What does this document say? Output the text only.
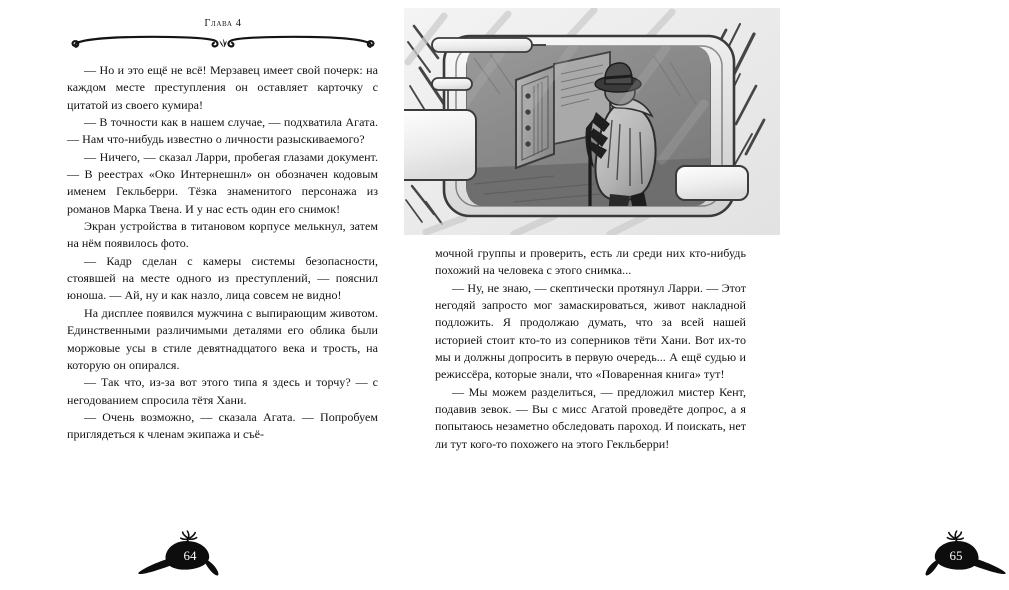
Глава 4

— Но и это ещё не всё! Мерзавец имеет свой почерк: на каждом месте преступления он оставляет карточку с цитатой из своего кумира!

— В точности как в нашем случае, — подхватила Агата. — Нам что-нибудь известно о личности разыскиваемого?

— Ничего, — сказал Ларри, пробегая глазами документ. — В реестрах «Око Интернешнл» он обозначен кодовым именем Гекльберри. Тёзка знаменитого персонажа из романов Марка Твена. И у нас есть один его снимок!

Экран устройства в титановом корпусе мелькнул, затем на нём появилось фото.

— Кадр сделан с камеры системы безопасности, стоявшей на месте одного из преступлений, — пояснил юноша. — Ай, ну и как назло, лица совсем не видно!

На дисплее появился мужчина с выпирающим животом. Единственными различимыми деталями его облика были моржовые усы в стиле девятнадцатого века и трость, на которую он опирался.

— Так что, из-за вот этого типа я здесь и торчу? — с негодованием спросила тётя Хани.

— Очень возможно, — сказала Агата. — Попробуем приглядеться к членам экипажа и съё-

64

мочной группы и проверить, есть ли среди них кто-нибудь похожий на человека с этого снимка...

— Ну, не знаю, — скептически протянул Ларри. — Этот негодяй запросто мог замаскироваться, живот накладной подложить. Я продолжаю думать, что за всей нашей историей стоит кто-то из соперников тёти Хани. Вот их-то мы и должны допросить в первую очередь... А ещё судью и режиссёра, которые знали, что «Поваренная книга» тут!

— Мы можем разделиться, — предложил мистер Кент, подавив зевок. — Вы с мисс Агатой проведёте допрос, а я попытаюсь незаметно обследовать пароход. И поискать, нет ли тут кого-то похожего на этого Гекльберри!

65
